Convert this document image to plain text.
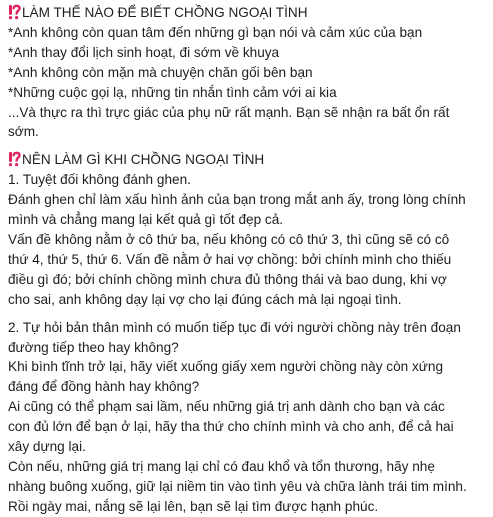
LÀM THẾ NÀO ĐỂ BIẾT CHỒNG NGOẠI TÌNH
*Anh không còn quan tâm đến những gì bạn nói và cảm xúc của bạn
*Anh thay đổi lịch sinh hoạt, đi sớm về khuya
*Anh không còn mặn mà chuyện chăn gối bên bạn
*Những cuộc gọi lạ, những tin nhắn tình cảm với ai kia
...Và thực ra thì trực giác của phụ nữ rất mạnh. Bạn sẽ nhận ra bất ổn rất
sớm.
NÊN LÀM GÌ KHI CHỒNG NGOẠI TÌNH
1. Tuyệt đối không đánh ghen.
Đánh ghen chỉ làm xấu hình ảnh của bạn trong mắt anh ấy, trong lòng chính
mình và chẳng mang lại kết quả gì tốt đẹp cả.
Vấn đề không nằm ở cô thứ ba, nếu không có cô thứ 3, thì cũng sẽ có cô
thứ 4, thứ 5, thứ 6. Vấn đề nằm ở hai vợ chồng: bởi chính mình cho thiếu
điều gì đó; bởi chính chồng mình chưa đủ thông thái và bao dung, khi vợ
cho sai, anh không dạy lại vợ cho lại đúng cách mà lại ngoại tình.
2. Tự hỏi bản thân mình có muốn tiếp tục đi với người chồng này trên đoạn
đường tiếp theo hay không?
Khi bình tĩnh trở lại, hãy viết xuống giấy xem người chồng này còn xứng
đáng để đồng hành hay không?
Ai cũng có thể phạm sai lầm, nếu những giá trị anh dành cho bạn và các
con đủ lớn để bạn ở lại, hãy tha thứ cho chính mình và cho anh, để cả hai
xây dựng lại.
Còn nếu, những giá trị mang lại chỉ có đau khổ và tổn thương, hãy nhẹ
nhàng buông xuống, giữ lại niềm tin vào tình yêu và chữa lành trái tim mình.
Rồi ngày mai, nắng sẽ lại lên, bạn sẽ lại tìm được hạnh phúc.
